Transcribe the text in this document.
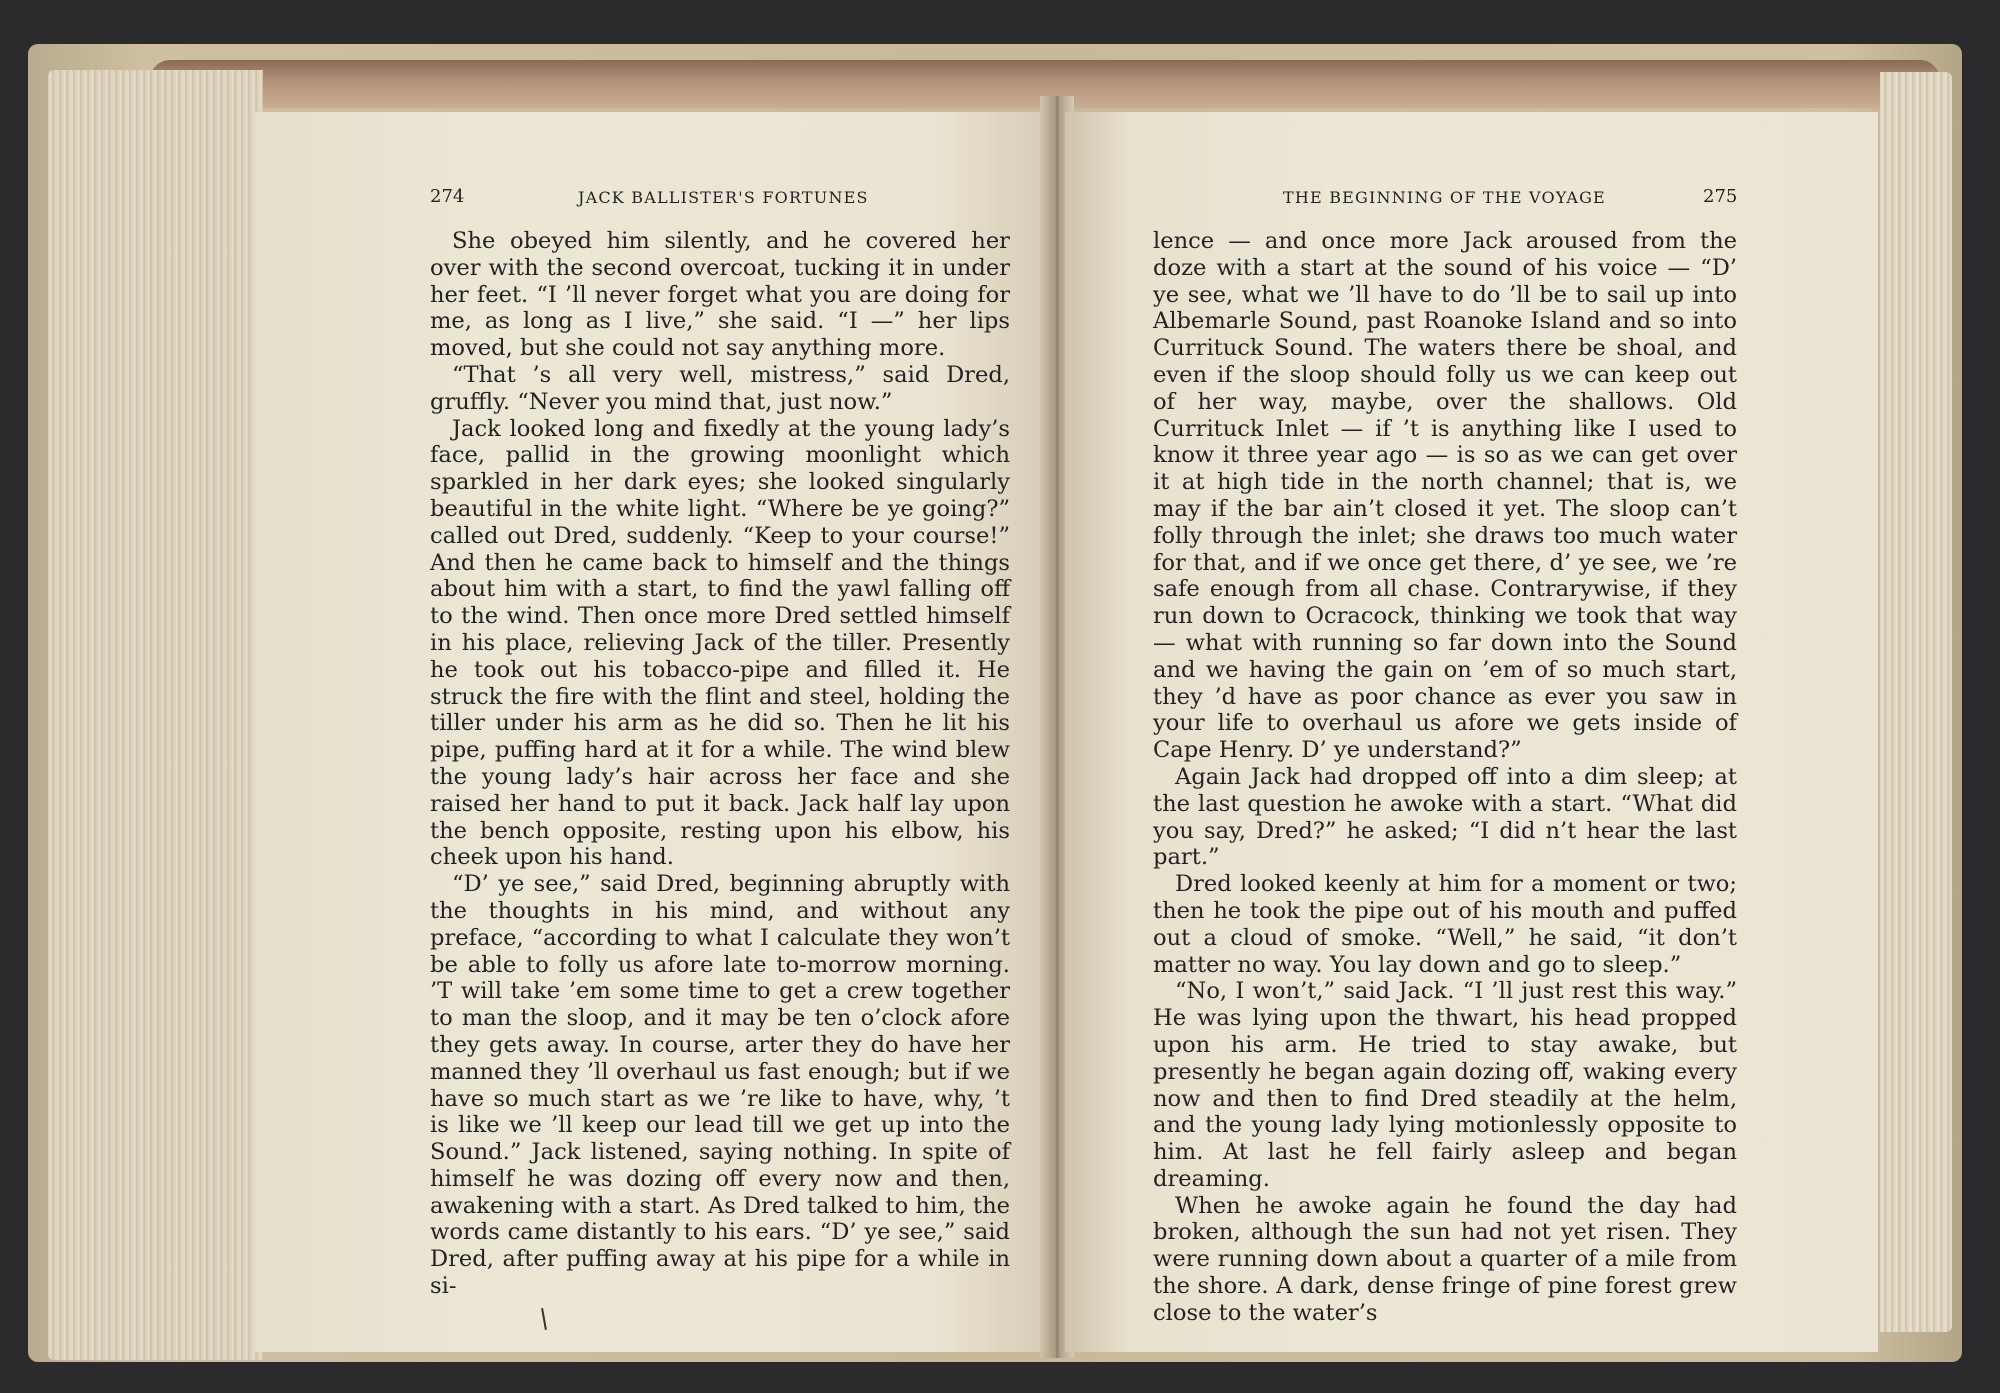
274	JACK BALLISTER'S FORTUNES

She obeyed him silently, and he covered her over with the second overcoat, tucking it in under her feet. “I ’ll never forget what you are doing for me, as long as I live,” she said. “I —” her lips moved, but she could not say anything more.

“That ’s all very well, mistress,” said Dred, gruffly. “Never you mind that, just now.”

Jack looked long and fixedly at the young lady’s face, pallid in the growing moonlight which sparkled in her dark eyes; she looked singularly beautiful in the white light. “Where be ye going?” called out Dred, suddenly. “Keep to your course!” And then he came back to himself and the things about him with a start, to find the yawl falling off to the wind. Then once more Dred settled himself in his place, relieving Jack of the tiller. Presently he took out his tobacco-pipe and filled it. He struck the fire with the flint and steel, holding the tiller under his arm as he did so. Then he lit his pipe, puffing hard at it for a while. The wind blew the young lady’s hair across her face and she raised her hand to put it back. Jack half lay upon the bench opposite, resting upon his elbow, his cheek upon his hand.

“D’ ye see,” said Dred, beginning abruptly with the thoughts in his mind, and without any preface, “according to what I calculate they won’t be able to folly us afore late to-morrow morning. ’T will take ’em some time to get a crew together to man the sloop, and it may be ten o’clock afore they gets away. In course, arter they do have her manned they ’ll overhaul us fast enough; but if we have so much start as we ’re like to have, why, ’t is like we ’ll keep our lead till we get up into the Sound.” Jack listened, saying nothing. In spite of himself he was dozing off every now and then, awakening with a start. As Dred talked to him, the words came distantly to his ears. “D’ ye see,” said Dred, after puffing away at his pipe for a while in si-

THE BEGINNING OF THE VOYAGE	275

lence — and once more Jack aroused from the doze with a start at the sound of his voice — “D’ ye see, what we ’ll have to do ’ll be to sail up into Albemarle Sound, past Roanoke Island and so into Currituck Sound. The waters there be shoal, and even if the sloop should folly us we can keep out of her way, maybe, over the shallows. Old Currituck Inlet — if ’t is anything like I used to know it three year ago — is so as we can get over it at high tide in the north channel; that is, we may if the bar ain’t closed it yet. The sloop can’t folly through the inlet; she draws too much water for that, and if we once get there, d’ ye see, we ’re safe enough from all chase. Contrarywise, if they run down to Ocracock, thinking we took that way — what with running so far down into the Sound and we having the gain on ’em of so much start, they ’d have as poor chance as ever you saw in your life to overhaul us afore we gets inside of Cape Henry. D’ ye understand?”

Again Jack had dropped off into a dim sleep; at the last question he awoke with a start. “What did you say, Dred?” he asked; “I did n’t hear the last part.”

Dred looked keenly at him for a moment or two; then he took the pipe out of his mouth and puffed out a cloud of smoke. “Well,” he said, “it don’t matter no way. You lay down and go to sleep.”

“No, I won’t,” said Jack. “I ’ll just rest this way.” He was lying upon the thwart, his head propped upon his arm. He tried to stay awake, but presently he began again dozing off, waking every now and then to find Dred steadily at the helm, and the young lady lying motionlessly opposite to him. At last he fell fairly asleep and began dreaming.

When he awoke again he found the day had broken, although the sun had not yet risen. They were running down about a quarter of a mile from the shore. A dark, dense fringe of pine forest grew close to the water’s
